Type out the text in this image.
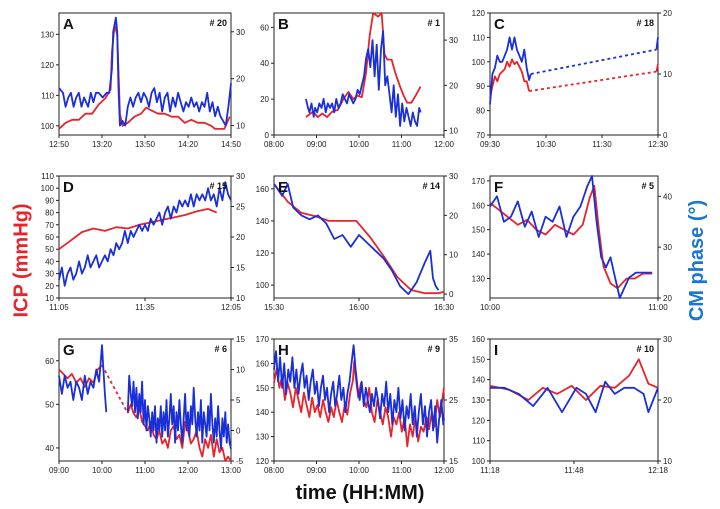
100
110
120
130
10
20
30
12:50	13:20	13:50	14:20	14:50
A	# 20
0
20
40
60
10
20
30
08:00	09:00	10:00	11:00	12:00
B	# 1
70
80
90
100
110
120
0
10
20
09:30	10:30	11:30	12:30
C	# 18
10
20
30
40
50
60
70
80
90
100
110
10
15
20
25
30
11:05	11:35	12:05
D	# 15
100
120
140
160
0
10
20
30
15:30	16:00	16:30
E	# 14
130
140
150
160
170
20
30
40
10:00	11:00
F	# 5
40
50
60
-5
0
5
10
15
09:00	10:00	11:00	12:00	13:00
G	# 6
120
130
140
150
160
170
15
25
35
08:00	09:00	10:00	11:00	12:00
H	# 9
100
110
120
130
140
150
160
10
20
30
11:18	11:48	12:18
I	# 10
ICP (mmHg)	CM phase (°)
time (HH:MM)
